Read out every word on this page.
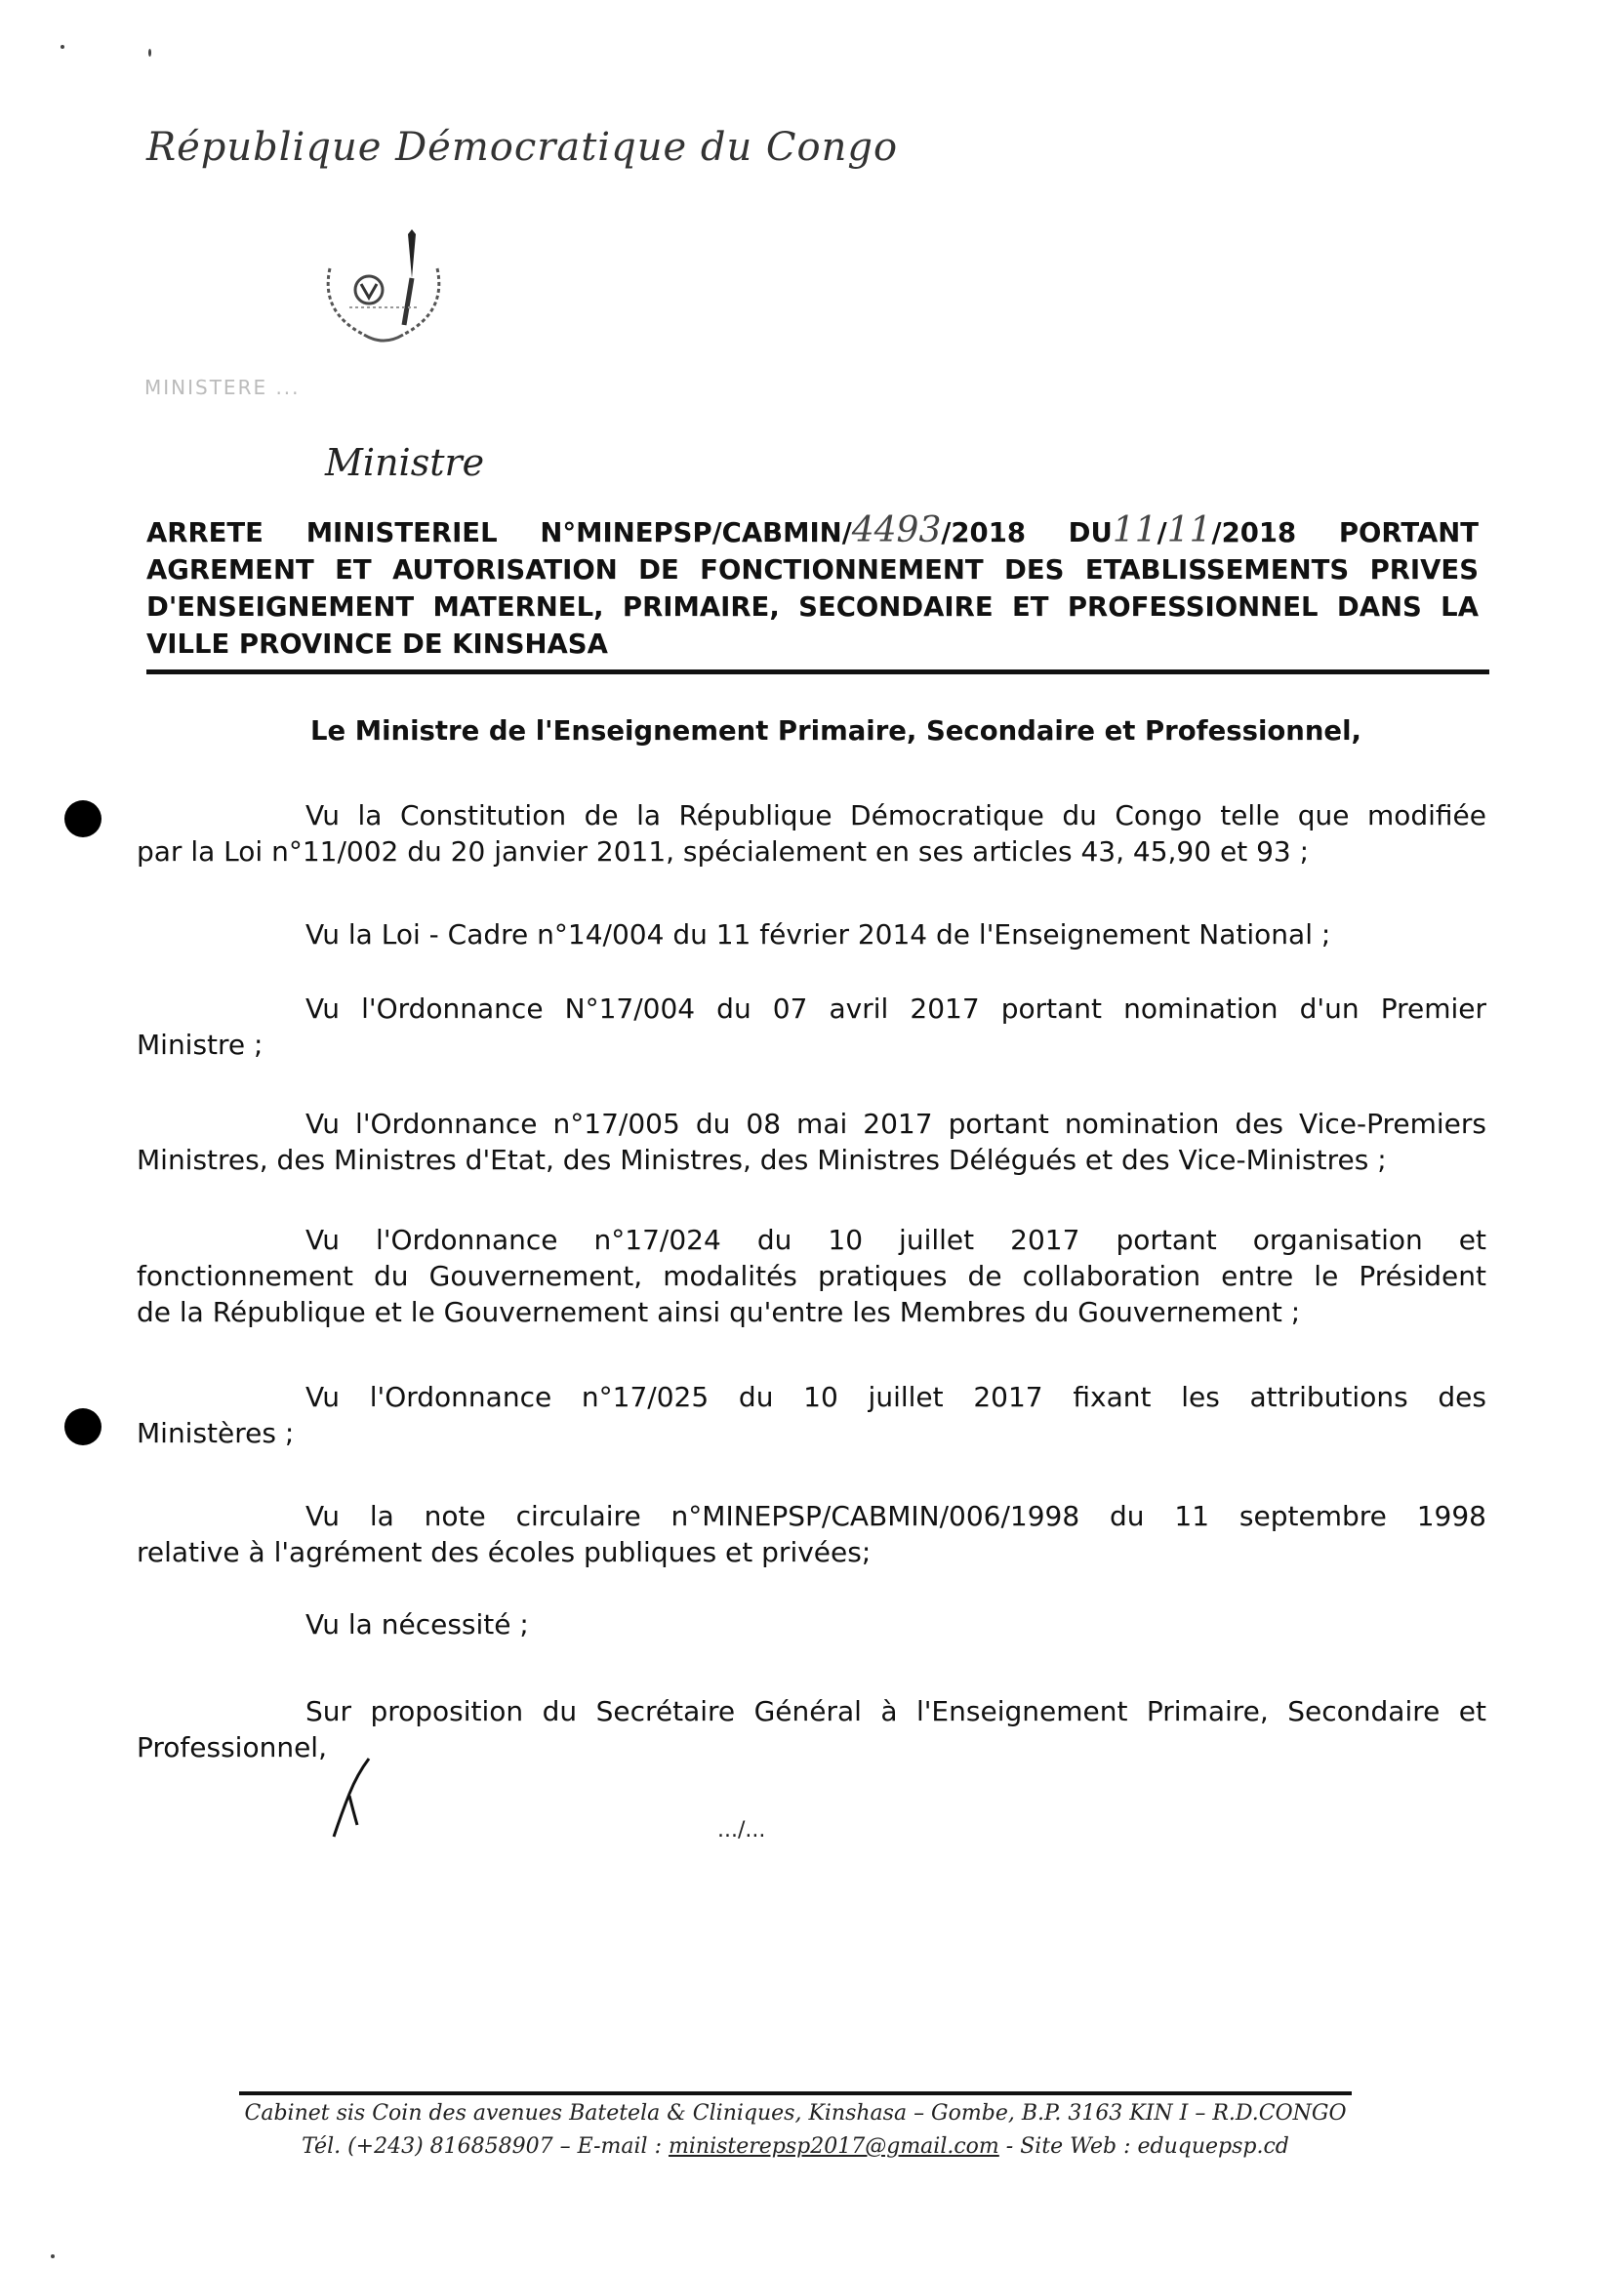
République Démocratique du Congo
MINISTERE ...
Ministre
ARRETE MINISTERIEL N°MINEPSP/CABMIN/4493/2018 DU11/11/2018 PORTANT
AGREMENT ET AUTORISATION DE FONCTIONNEMENT DES ETABLISSEMENTS PRIVES
D'ENSEIGNEMENT MATERNEL, PRIMAIRE, SECONDAIRE ET PROFESSIONNEL DANS LA
VILLE PROVINCE DE KINSHASA
Le Ministre de l'Enseignement Primaire, Secondaire et Professionnel,
Vu la Constitution de la République Démocratique du Congo telle que modifiée
par la Loi n°11/002 du 20 janvier 2011, spécialement en ses articles 43, 45,90 et 93 ;
Vu la Loi - Cadre n°14/004 du 11 février 2014 de l'Enseignement National ;
Vu l'Ordonnance N°17/004 du 07 avril 2017 portant nomination d'un Premier
Ministre ;
Vu l'Ordonnance n°17/005 du 08 mai 2017 portant nomination des Vice-Premiers
Ministres, des Ministres d'Etat, des Ministres, des Ministres Délégués et des Vice-Ministres ;
Vu l'Ordonnance n°17/024 du 10 juillet 2017 portant organisation et
fonctionnement du Gouvernement, modalités pratiques de collaboration entre le Président
de la République et le Gouvernement ainsi qu'entre les Membres du Gouvernement ;
Vu l'Ordonnance n°17/025 du 10 juillet 2017 fixant les attributions des
Ministères ;
Vu la note circulaire n°MINEPSP/CABMIN/006/1998 du 11 septembre 1998
relative à l'agrément des écoles publiques et privées;
Vu la nécessité ;
Sur proposition du Secrétaire Général à l'Enseignement Primaire, Secondaire et
Professionnel,
.../...
Cabinet sis Coin des avenues Batetela & Cliniques, Kinshasa – Gombe, B.P. 3163 KIN I – R.D.CONGO
Tél. (+243) 816858907 – E-mail : ministerepsp2017@gmail.com - Site Web : eduquepsp.cd
